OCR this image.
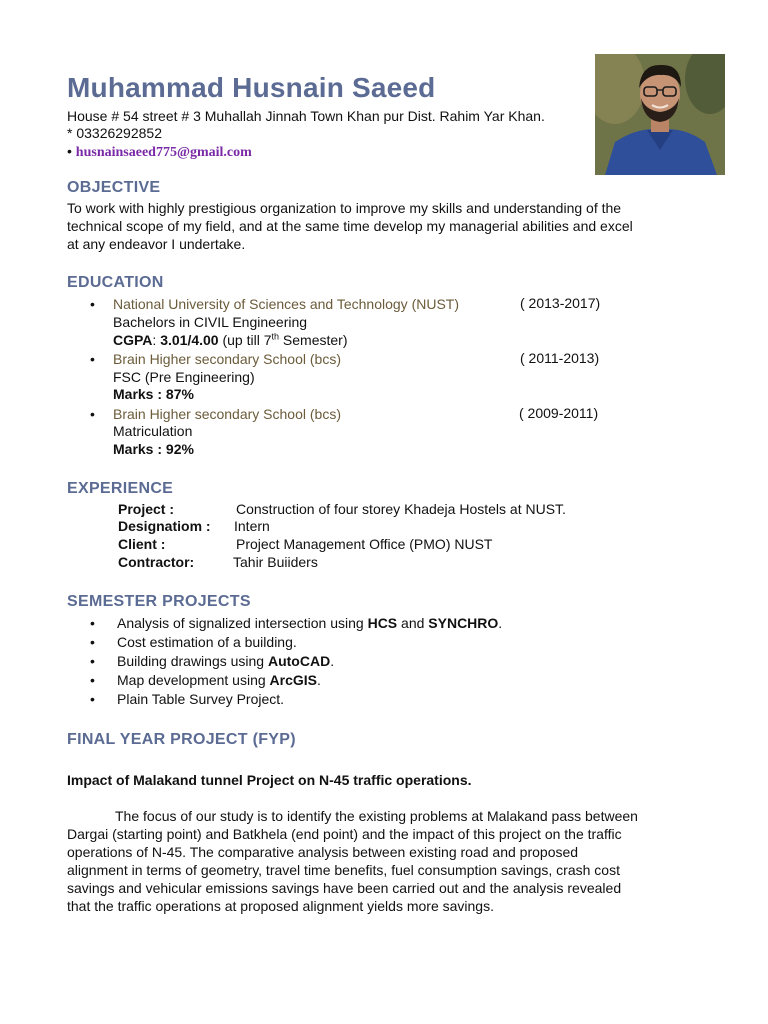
Muhammad Husnain Saeed
House # 54 street # 3 Muhallah Jinnah Town Khan pur Dist. Rahim Yar Khan.
* 03326292852
• husnainsaeed775@gmail.com
OBJECTIVE
To work with highly prestigious organization to improve my skills and understanding of the
technical scope of my field, and at the same time develop my managerial abilities and excel
at any endeavor I undertake.
EDUCATION
• National University of Sciences and Technology (NUST)	( 2013-2017)
Bachelors in CIVIL Engineering
CGPA: 3.01/4.00 (up till 7th Semester)
• Brain Higher secondary School (bcs)	( 2011-2013)
FSC (Pre Engineering)
Marks : 87%
• Brain Higher secondary School (bcs)	( 2009-2011)
Matriculation
Marks : 92%
EXPERIENCE
Project :	Construction of four storey Khadeja Hostels at NUST.
Designatiom : Intern
Client :	Project Management Office (PMO) NUST
Contractor:	Tahir Buiiders
SEMESTER PROJECTS
• Analysis of signalized intersection using HCS and SYNCHRO.
• Cost estimation of a building.
• Building drawings using AutoCAD.
• Map development using ArcGIS.
• Plain Table Survey Project.
FINAL YEAR PROJECT (FYP)
Impact of Malakand tunnel Project on N-45 traffic operations.
The focus of our study is to identify the existing problems at Malakand pass between
Dargai (starting point) and Batkhela (end point) and the impact of this project on the traffic
operations of N-45. The comparative analysis between existing road and proposed
alignment in terms of geometry, travel time benefits, fuel consumption savings, crash cost
savings and vehicular emissions savings have been carried out and the analysis revealed
that the traffic operations at proposed alignment yields more savings.
